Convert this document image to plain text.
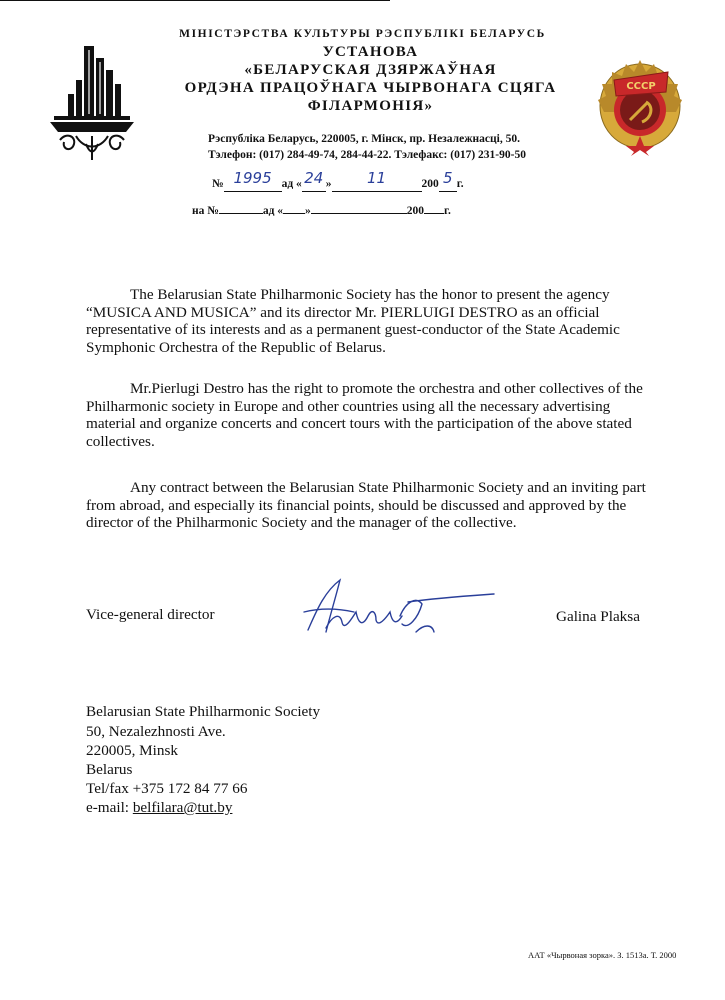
МІНІСТЭРСТВА КУЛЬТУРЫ РЭСПУБЛІКІ БЕЛАРУСЬ
УСТАНОВА
«БЕЛАРУСКАЯ ДЗЯРЖАЎНАЯ
ОРДЭНА ПРАЦОЎНАГА ЧЫРВОНАГА СЦЯГА
ФІЛАРМОНІЯ»
СССР
Рэспубліка Беларусь, 220005, г. Мінск, пр. Незалежнасці, 50.
Тэлефон: (017) 284-49-74, 284-44-22. Тэлефакс: (017) 231-90-50
№ 1995 ад « 24 » 11	200 5 г.
на №	ад « »	200 г.

The Belarusian State Philharmonic Society has the honor to present the agency “MUSICA AND MUSICA” and its director Mr. PIERLUIGI DESTRO as an official representative of its interests and as a permanent guest-conductor of the State Academic Symphonic Orchestra of the Republic of Belarus.

Mr.Pierlugi Destro has the right to promote the orchestra and other collectives of the Philharmonic society in Europe and other countries using all the necessary advertising material and organize concerts and concert tours with the participation of the above stated collectives.

Any contract between the Belarusian State Philharmonic Society and an inviting part from abroad, and especially its financial points, should be discussed and approved by the director of the Philharmonic Society and the manager of the collective.

Vice-general director	Galina Plaksa
Belarusian State Philharmonic Society
50, Nezalezhnosti Ave.
220005, Minsk
Belarus
Tel/fax +375 172 84 77 66
e-mail: belfilara@tut.by
ААТ «Чырвоная зорка». З. 1513а. Т. 2000
